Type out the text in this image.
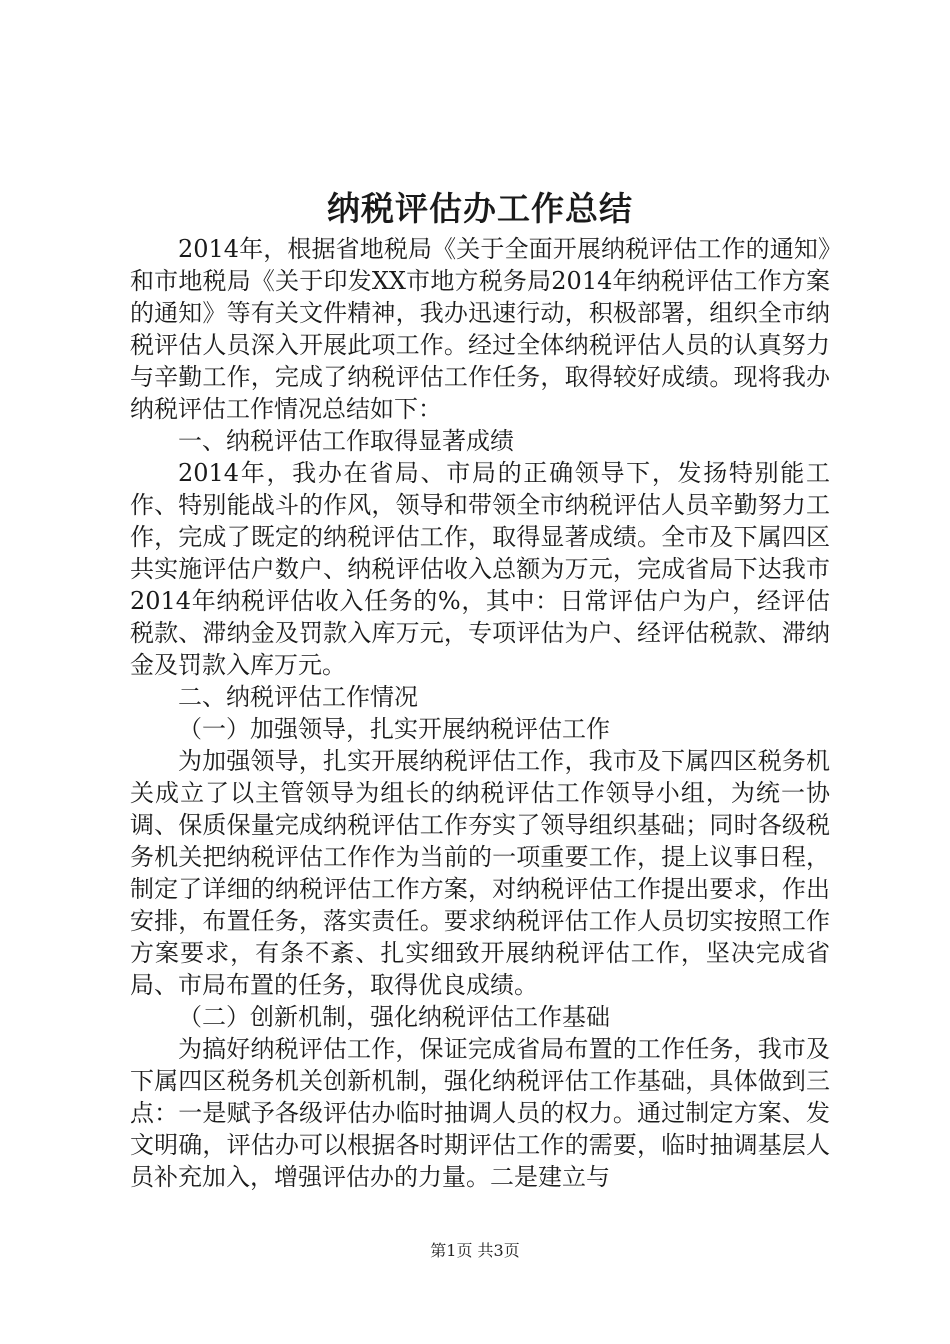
纳税评估办工作总结

2014年，根据省地税局《关于全面开展纳税评估工作的通知》和市地税局《关于印发XX市地方税务局2014年纳税评估工作方案的通知》等有关文件精神，我办迅速行动，积极部署，组织全市纳税评估人员深入开展此项工作。经过全体纳税评估人员的认真努力与辛勤工作，完成了纳税评估工作任务，取得较好成绩。现将我办纳税评估工作情况总结如下：

一、纳税评估工作取得显著成绩

2014年，我办在省局、市局的正确领导下，发扬特别能工作、特别能战斗的作风，领导和带领全市纳税评估人员辛勤努力工作，完成了既定的纳税评估工作，取得显著成绩。全市及下属四区共实施评估户数户、纳税评估收入总额为万元，完成省局下达我市2014年纳税评估收入任务的%，其中：日常评估户为户，经评估税款、滞纳金及罚款入库万元，专项评估为户、经评估税款、滞纳金及罚款入库万元。

二、纳税评估工作情况

（一）加强领导，扎实开展纳税评估工作

为加强领导，扎实开展纳税评估工作，我市及下属四区税务机关成立了以主管领导为组长的纳税评估工作领导小组，为统一协调、保质保量完成纳税评估工作夯实了领导组织基础；同时各级税务机关把纳税评估工作作为当前的一项重要工作，提上议事日程，制定了详细的纳税评估工作方案，对纳税评估工作提出要求，作出安排，布置任务，落实责任。要求纳税评估工作人员切实按照工作方案要求，有条不紊、扎实细致开展纳税评估工作，坚决完成省局、市局布置的任务，取得优良成绩。

（二）创新机制，强化纳税评估工作基础

为搞好纳税评估工作，保证完成省局布置的工作任务，我市及下属四区税务机关创新机制，强化纳税评估工作基础，具体做到三点：一是赋予各级评估办临时抽调人员的权力。通过制定方案、发文明确，评估办可以根据各时期评估工作的需要，临时抽调基层人员补充加入，增强评估办的力量。二是建立与

第1页 共3页
